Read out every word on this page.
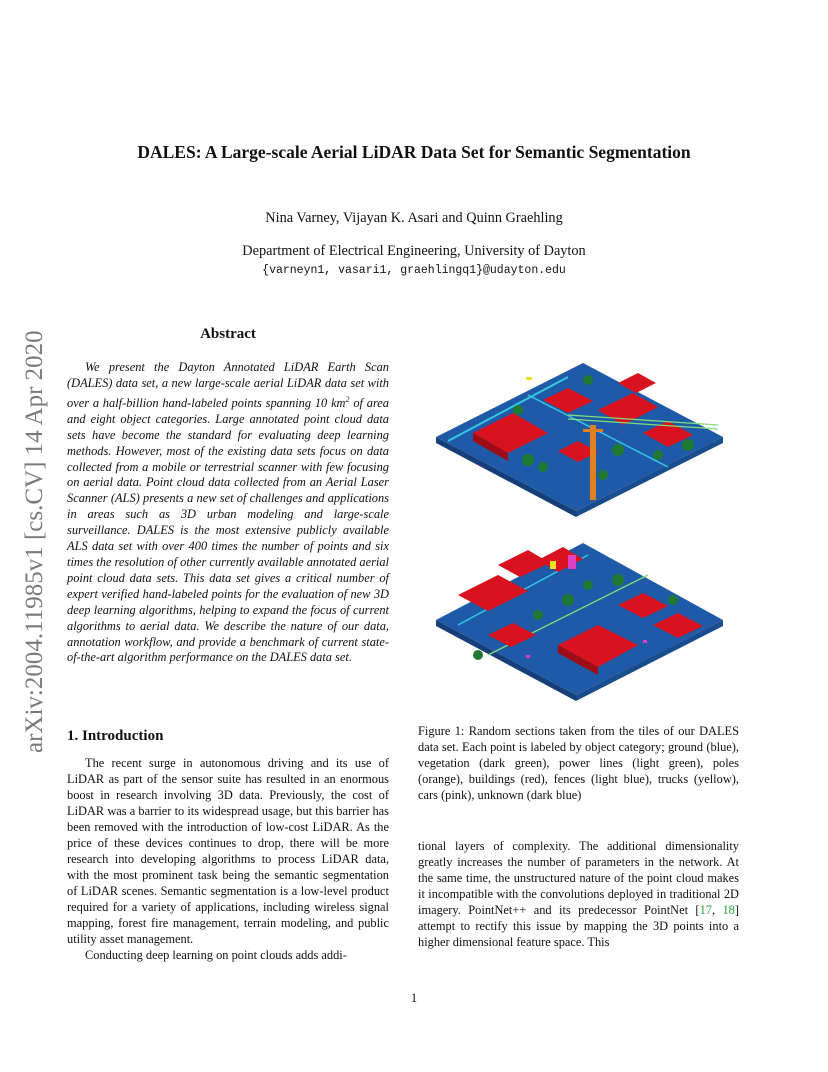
arXiv:2004.11985v1 [cs.CV] 14 Apr 2020
DALES: A Large-scale Aerial LiDAR Data Set for Semantic Segmentation
Nina Varney, Vijayan K. Asari and Quinn Graehling
Department of Electrical Engineering, University of Dayton
{varneyn1, vasari1, graehlingq1}@udayton.edu
Abstract

We present the Dayton Annotated LiDAR Earth Scan (DALES) data set, a new large-scale aerial LiDAR data set with over a half-billion hand-labeled points spanning 10 $km^2$ of area and eight object categories. Large annotated point cloud data sets have become the standard for evaluating deep learning methods. However, most of the existing data sets focus on data collected from a mobile or terrestrial scanner with few focusing on aerial data. Point cloud data collected from an Aerial Laser Scanner (ALS) presents a new set of challenges and applications in areas such as 3D urban modeling and large-scale surveillance. DALES is the most extensive publicly available ALS data set with over 400 times the number of points and six times the resolution of other currently available annotated aerial point cloud data sets. This data set gives a critical number of expert verified hand-labeled points for the evaluation of new 3D deep learning algorithms, helping to expand the focus of current algorithms to aerial data. We describe the nature of our data, annotation workflow, and provide a benchmark of current state-of-the-art algorithm performance on the DALES data set.

1. Introduction

The recent surge in autonomous driving and its use of LiDAR as part of the sensor suite has resulted in an enormous boost in research involving 3D data. Previously, the cost of LiDAR was a barrier to its widespread usage, but this barrier has been removed with the introduction of low-cost LiDAR. As the price of these devices continues to drop, there will be more research into developing algorithms to process LiDAR data, with the most prominent task being the semantic segmentation of LiDAR scenes. Semantic segmentation is a low-level product required for a variety of applications, including wireless signal mapping, forest fire management, terrain modeling, and public utility asset management.

Conducting deep learning on point clouds adds addi-

Figure 1: Random sections taken from the tiles of our DALES data set. Each point is labeled by object category; ground (blue), vegetation (dark green), power lines (light green), poles (orange), buildings (red), fences (light blue), trucks (yellow), cars (pink), unknown (dark blue)

tional layers of complexity. The additional dimensionality greatly increases the number of parameters in the network. At the same time, the unstructured nature of the point cloud makes it incompatible with the convolutions deployed in traditional 2D imagery. PointNet++ and its predecessor PointNet [17, 18] attempt to rectify this issue by mapping the 3D points into a higher dimensional feature space. This

1
